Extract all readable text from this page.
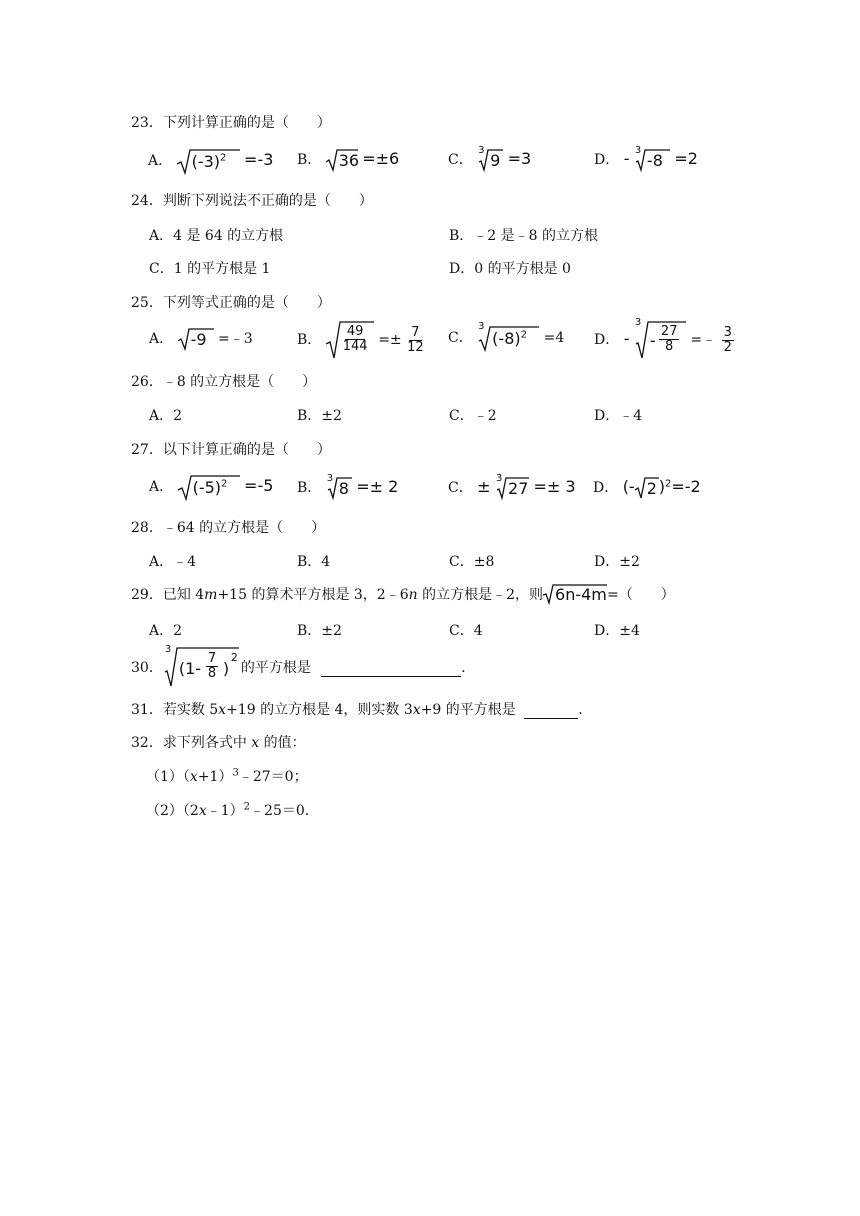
23．下列计算正确的是（　　）
A． $(-3)^2 =-3$ B． 36 =±6	C．
3
9 =3	D． - 3
-8 =2
24．判断下列说法不正确的是（　　）
A．4 是 64 的立方根	B．﹣2 是﹣8 的立方根
C．1 的平方根是 1	D．0 的平方根是 0
25．下列等式正确的是（　　）
A． -9 =﹣3	B． $\frac{49}{144} =\pm \frac{7}{12}$ C．
3
$(-8)^2 =4$ D． -
3
- $\frac{27}{8}$ =﹣ $\frac{3}{2}$
26．﹣8 的立方根是（　　）
A．2	B．±2	C．﹣2	D．﹣4
27．以下计算正确的是（　　）
A． $(-5)^2 =-5$ B．
3
8 =± 2	C． ± 3
27 =± 3 D． (- 2 )$^2$=-2
28．﹣64 的立方根是（　　）
A．﹣4	B．4	C．±8	D．±2
29．已知 4m+15 的算术平方根是 3，2﹣6n 的立方根是﹣2，则 6n-4m =（　　）
A．2	B．±2	C．4	D．±4
30．
3
($1- \frac{7}{8}$ )
2
的平方根是	．
31．若实数 5x+19 的立方根是 4，则实数 3x+9 的平方根是	．
32．求下列各式中 x 的值：
$(1)(x+1)^3﹣27=0$；
（2）（2x﹣1）$^2$﹣25＝0．
